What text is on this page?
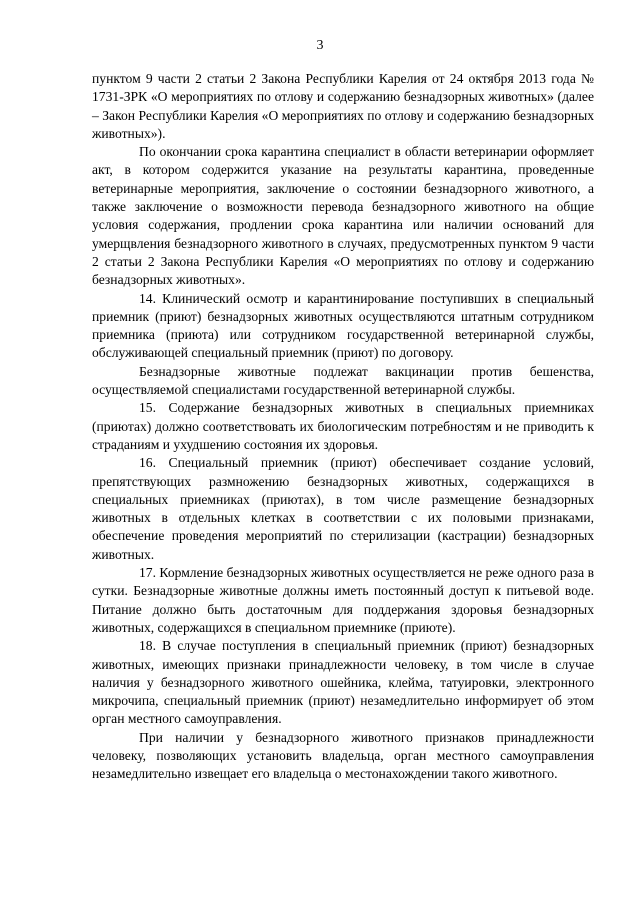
3

пунктом 9 части 2 статьи 2 Закона Республики Карелия от 24 октября 2013 года № 1731-ЗРК «О мероприятиях по отлову и содержанию безнадзорных животных» (далее – Закон Республики Карелия «О мероприятиях по отлову и содержанию безнадзорных животных»).

По окончании срока карантина специалист в области ветеринарии оформляет акт, в котором содержится указание на результаты карантина, проведенные ветеринарные мероприятия, заключение о состоянии безнадзорного животного, а также заключение о возможности перевода безнадзорного животного на общие условия содержания, продлении срока карантина или наличии оснований для умерщвления безнадзорного животного в случаях, предусмотренных пунктом 9 части 2 статьи 2 Закона Республики Карелия «О мероприятиях по отлову и содержанию безнадзорных животных».

14. Клинический осмотр и карантинирование поступивших в специальный приемник (приют) безнадзорных животных осуществляются штатным сотрудником приемника (приюта) или сотрудником государственной ветеринарной службы, обслуживающей специальный приемник (приют) по договору.

Безнадзорные животные подлежат вакцинации против бешенства, осуществляемой специалистами государственной ветеринарной службы.

15. Содержание безнадзорных животных в специальных приемниках (приютах) должно соответствовать их биологическим потребностям и не приводить к страданиям и ухудшению состояния их здоровья.

16. Специальный приемник (приют) обеспечивает создание условий, препятствующих размножению безнадзорных животных, содержащихся в специальных приемниках (приютах), в том числе размещение безнадзорных животных в отдельных клетках в соответствии с их половыми признаками, обеспечение проведения мероприятий по стерилизации (кастрации) безнадзорных животных.

17. Кормление безнадзорных животных осуществляется не реже одного раза в сутки. Безнадзорные животные должны иметь постоянный доступ к питьевой воде. Питание должно быть достаточным для поддержания здоровья безнадзорных животных, содержащихся в специальном приемнике (приюте).

18. В случае поступления в специальный приемник (приют) безнадзорных животных, имеющих признаки принадлежности человеку, в том числе в случае наличия у безнадзорного животного ошейника, клейма, татуировки, электронного микрочипа, специальный приемник (приют) незамедлительно информирует об этом орган местного самоуправления.

При наличии у безнадзорного животного признаков принадлежности человеку, позволяющих установить владельца, орган местного самоуправления незамедлительно извещает его владельца о местонахождении такого животного.
